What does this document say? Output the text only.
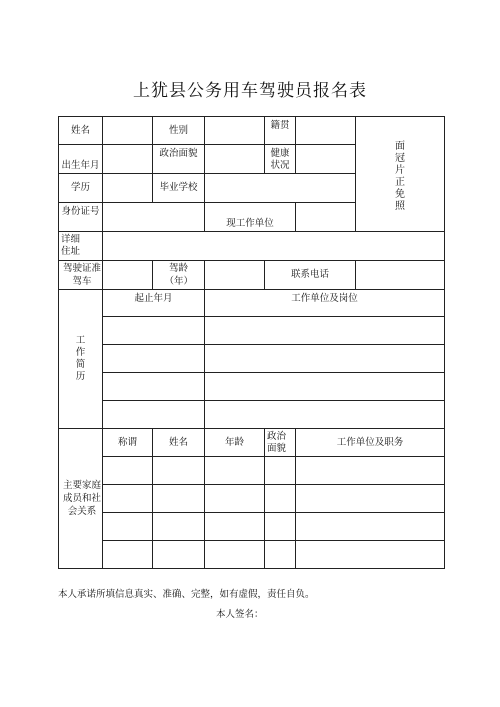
上犹县公务用车驾驶员报名表
姓名		性别		籍贯		面冠片正免照
出生年月		政治面貌		健康状况		
学历		毕业学校				
身份证号			现工作单位			
详细住址						
驾驶证准驾车		驾龄（年）		联系电话		
工作简历	起止年月		工作单位及岗位			

主要家庭成员和社会关系	称谓	姓名	年龄	政治面貌	工作单位及职务	

本人承诺所填信息真实、准确、完整，如有虚假，责任自负。
本人签名：
